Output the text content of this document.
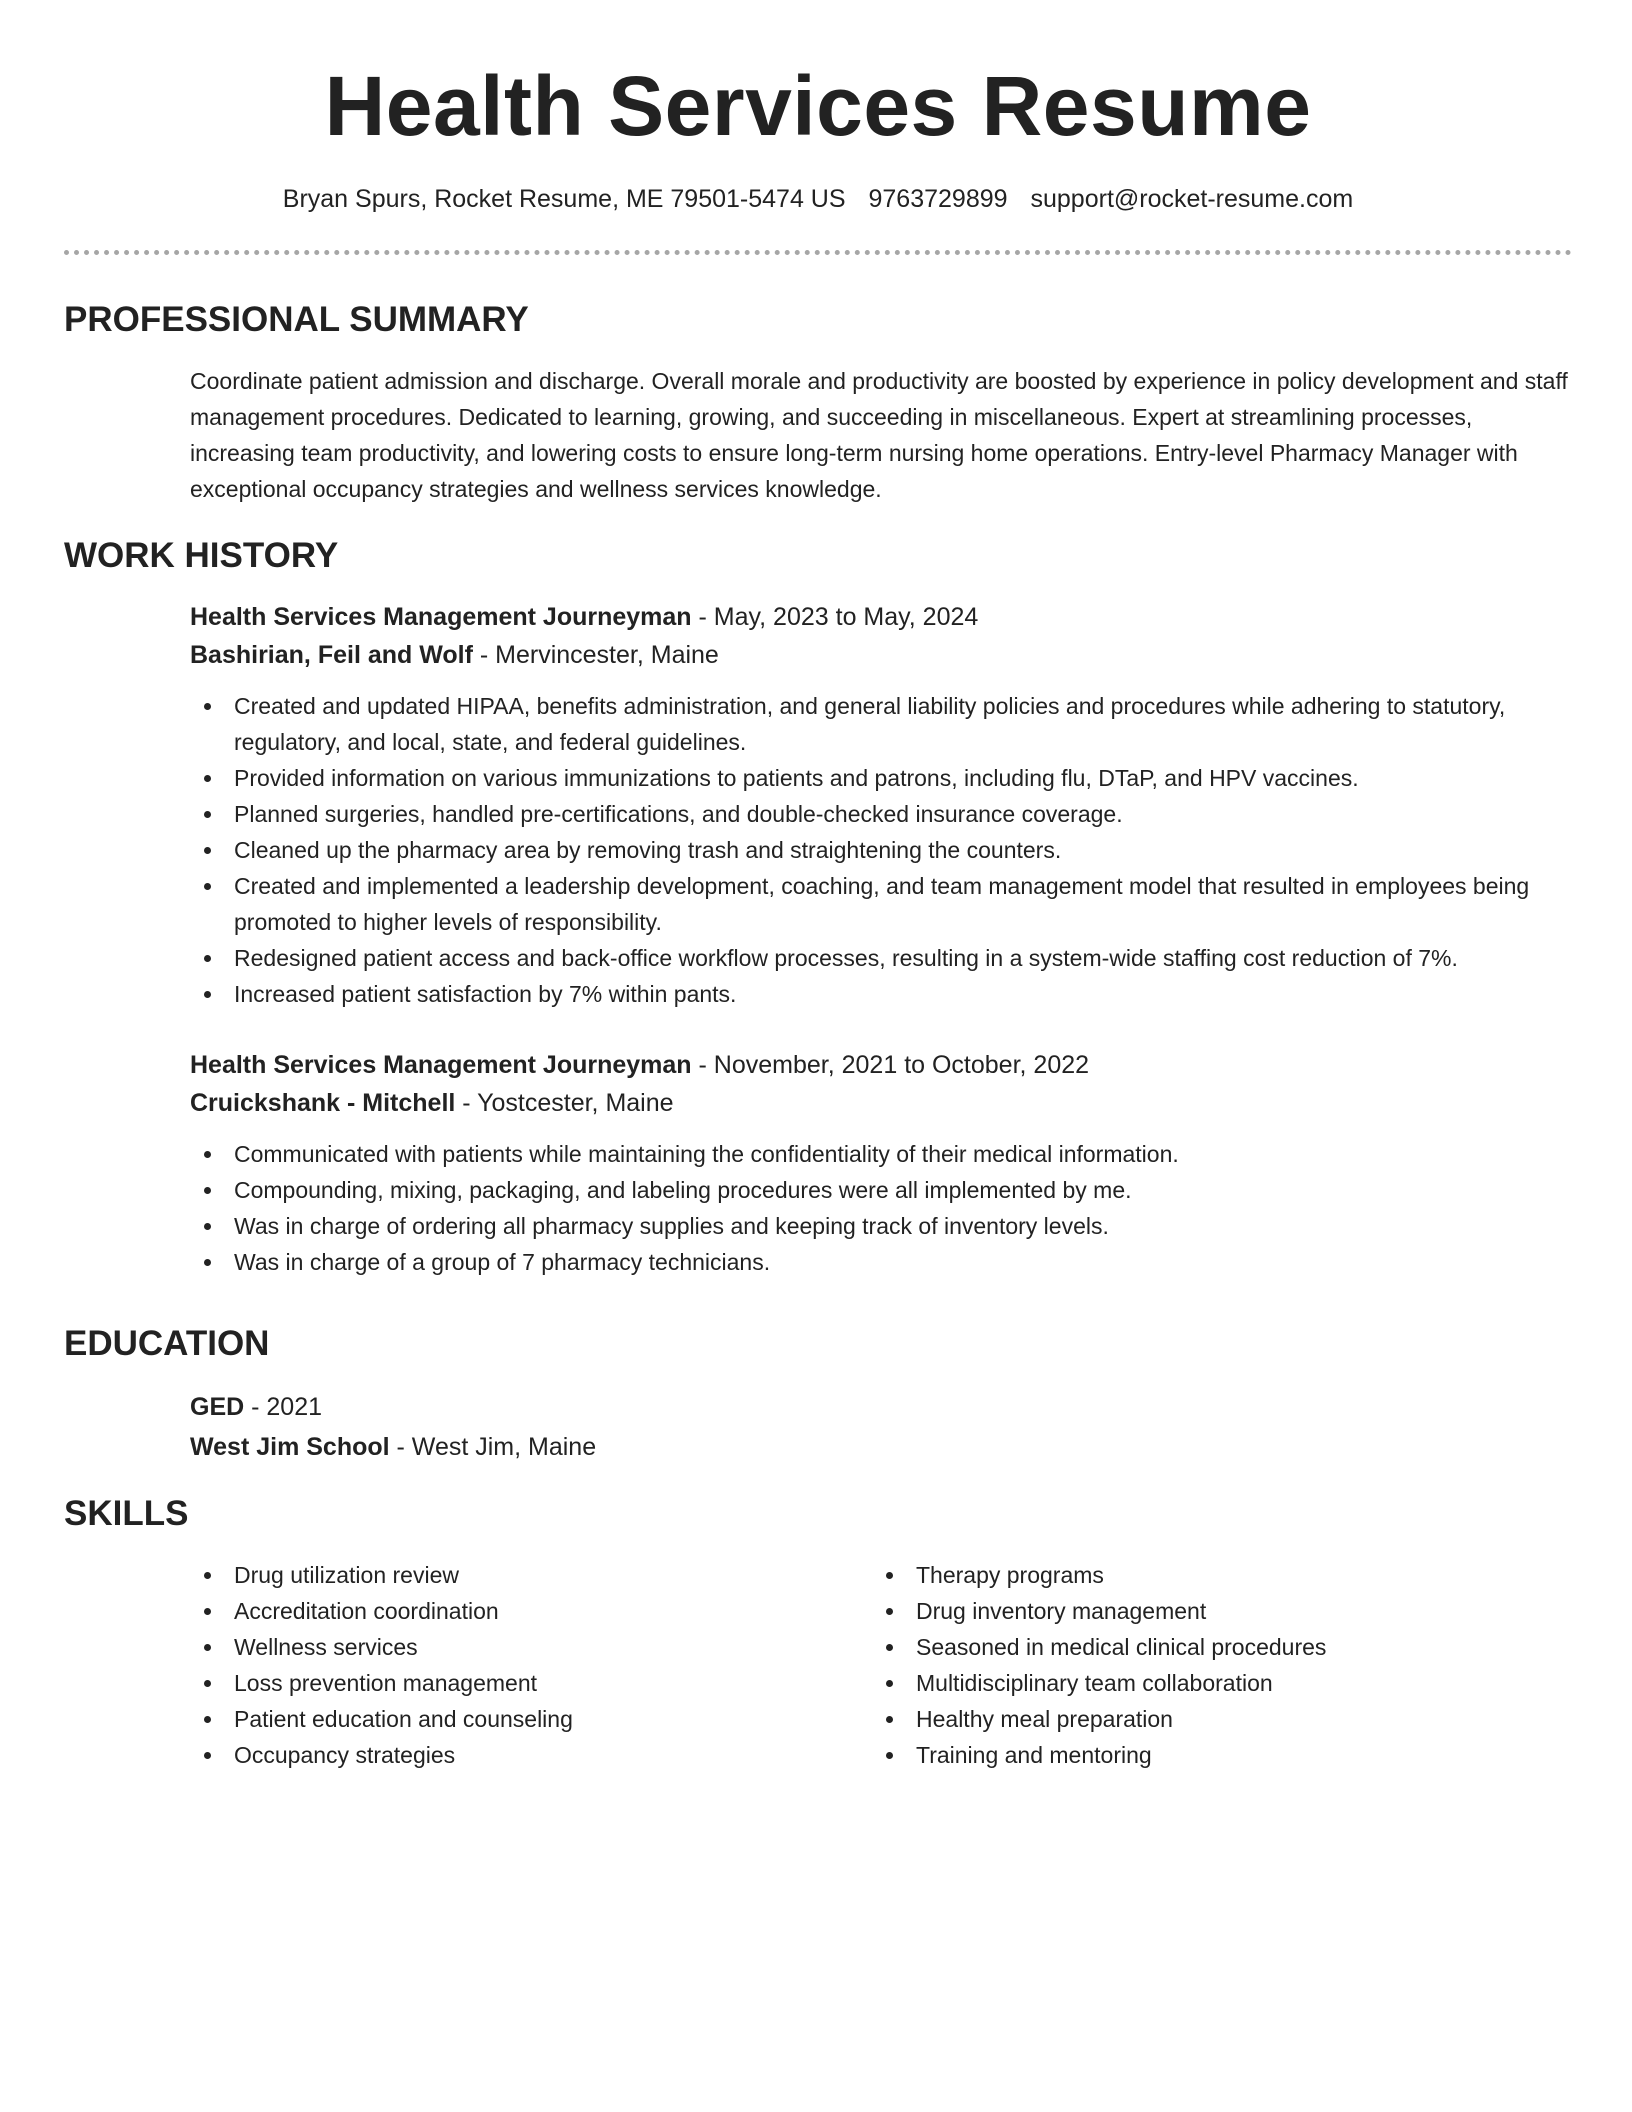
Health Services Resume
Bryan Spurs, Rocket Resume, ME 79501-5474 US 9763729899 support@rocket-resume.com
PROFESSIONAL SUMMARY

Coordinate patient admission and discharge. Overall morale and productivity are boosted by experience in policy development and staff management procedures. Dedicated to learning, growing, and succeeding in miscellaneous. Expert at streamlining processes, increasing team productivity, and lowering costs to ensure long-term nursing home operations. Entry-level Pharmacy Manager with exceptional occupancy strategies and wellness services knowledge.

WORK HISTORY
Health Services Management Journeyman - May, 2023 to May, 2024
Bashirian, Feil and Wolf - Mervincester, Maine
Created and updated HIPAA, benefits administration, and general liability policies and procedures while adhering to statutory, regulatory, and local, state, and federal guidelines.
Provided information on various immunizations to patients and patrons, including flu, DTaP, and HPV vaccines.
Planned surgeries, handled pre-certifications, and double-checked insurance coverage.
Cleaned up the pharmacy area by removing trash and straightening the counters.
Created and implemented a leadership development, coaching, and team management model that resulted in employees being promoted to higher levels of responsibility.
Redesigned patient access and back-office workflow processes, resulting in a system-wide staffing cost reduction of 7%.
Increased patient satisfaction by 7% within pants.
Health Services Management Journeyman - November, 2021 to October, 2022
Cruickshank - Mitchell - Yostcester, Maine
Communicated with patients while maintaining the confidentiality of their medical information.
Compounding, mixing, packaging, and labeling procedures were all implemented by me.
Was in charge of ordering all pharmacy supplies and keeping track of inventory levels.
Was in charge of a group of 7 pharmacy technicians.
EDUCATION
GED - 2021
West Jim School - West Jim, Maine
SKILLS
Drug utilization review
Accreditation coordination
Wellness services
Loss prevention management
Patient education and counseling
Occupancy strategies
Therapy programs
Drug inventory management
Seasoned in medical clinical procedures
Multidisciplinary team collaboration
Healthy meal preparation
Training and mentoring
